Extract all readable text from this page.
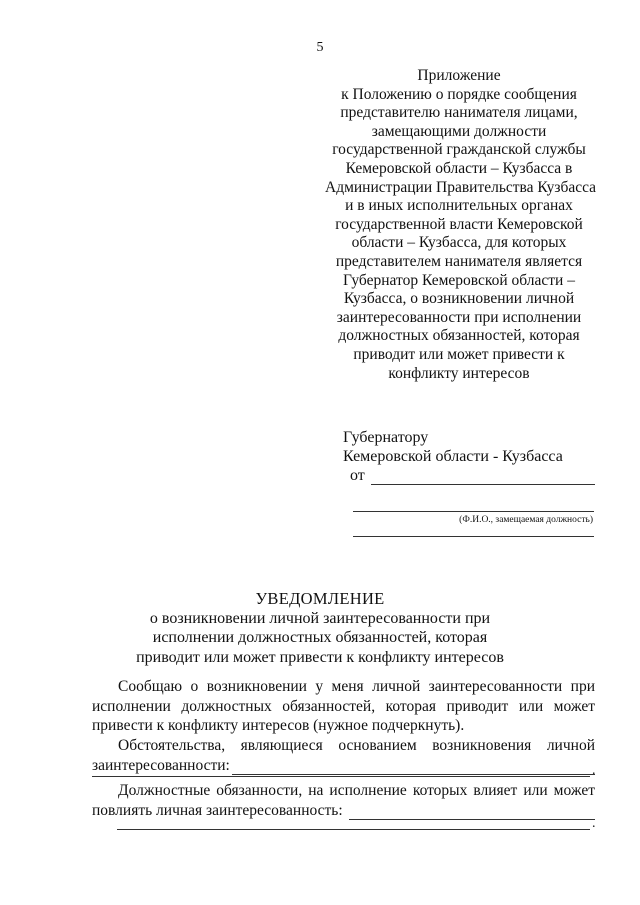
5
Приложение
к Положению о порядке сообщения
представителю нанимателя лицами,
замещающими должности
государственной гражданской службы
Кемеровской области – Кузбасса в
Администрации Правительства Кузбасса
и в иных исполнительных органах
государственной власти Кемеровской
области – Кузбасса, для которых
представителем нанимателя является
Губернатор Кемеровской области –
Кузбасса, о возникновении личной
заинтересованности при исполнении
должностных обязанностей, которая
приводит или может привести к
конфликту интересов
Губернатору
Кемеровской области - Кузбасса
от
(Ф.И.О., замещаемая должность)
УВЕДОМЛЕНИЕ
о возникновении личной заинтересованности при
исполнении должностных обязанностей, которая
приводит или может привести к конфликту интересов
Сообщаю о возникновении у меня личной заинтересованности при
исполнении должностных обязанностей, которая приводит или может
привести к конфликту интересов (нужное подчеркнуть).
Обстоятельства, являющиеся основанием возникновения личной
заинтересованности:	.
Должностные обязанности, на исполнение которых влияет или может
повлиять личная заинтересованность:
.
